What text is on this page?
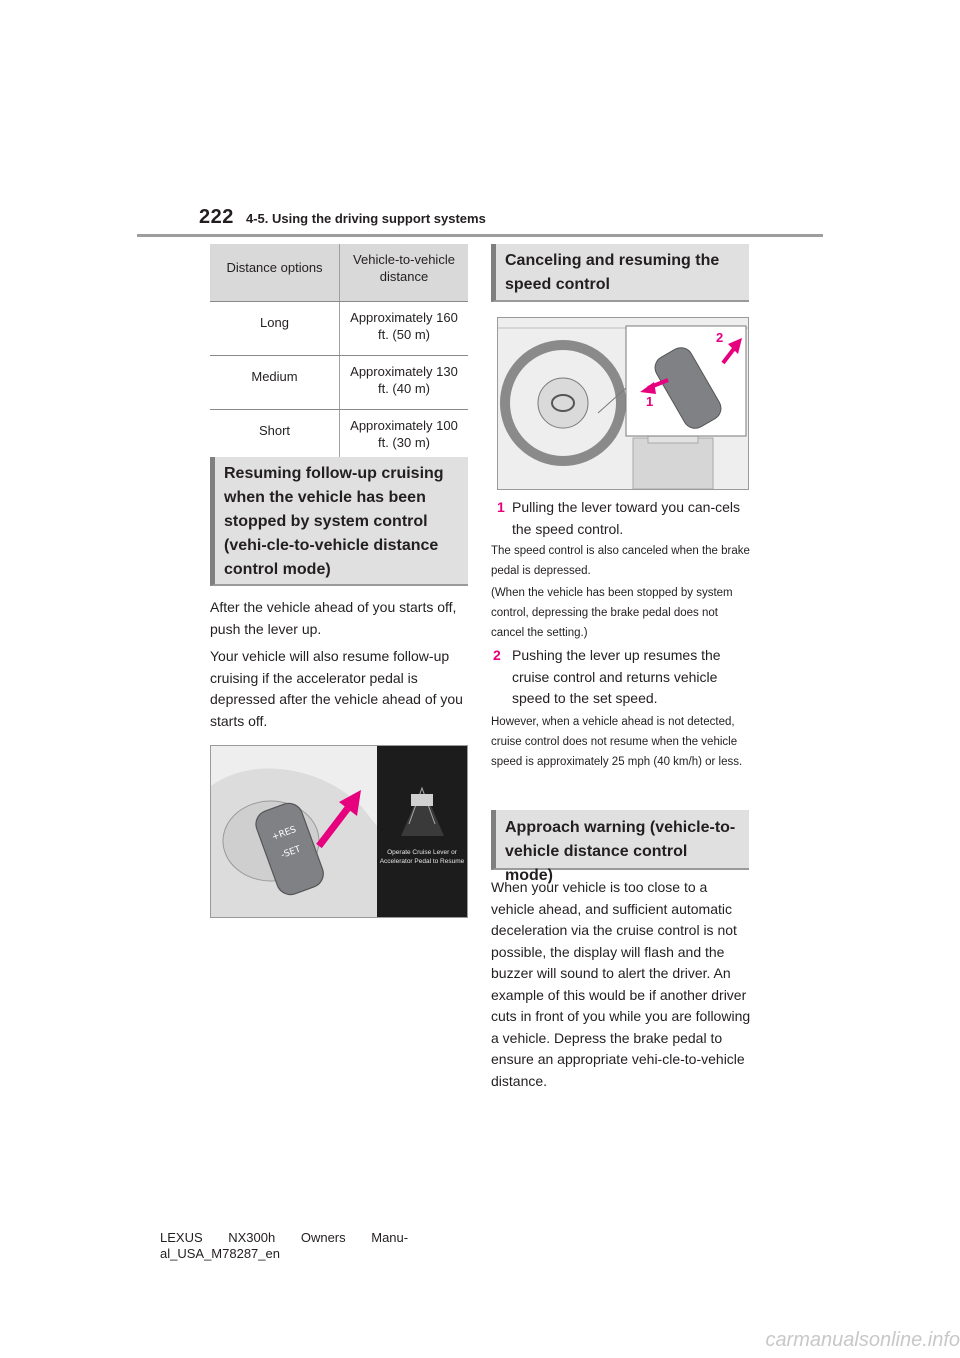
222 4-5. Using the driving support systems
Distance options	Vehicle-to-vehicle distance
Long	Approximately 160 ft. (50 m)
Medium	Approximately 130 ft. (40 m)
Short	Approximately 100 ft. (30 m)
Resuming follow-up cruising when the vehicle has been stopped by system control (vehi-cle-to-vehicle distance control mode)
After the vehicle ahead of you starts off, push the lever up.
Your vehicle will also resume follow-up cruising if the accelerator pedal is depressed after the vehicle ahead of you starts off.
+RES
-SET	Operate Cruise Lever or Accelerator Pedal to Resume
Canceling and resuming the speed control
1
2
1 Pulling the lever toward you can-cels the speed control.
The speed control is also canceled when the brake pedal is depressed.
(When the vehicle has been stopped by system control, depressing the brake pedal does not cancel the setting.)
2 Pushing the lever up resumes the cruise control and returns vehicle speed to the set speed.
However, when a vehicle ahead is not detected, cruise control does not resume when the vehicle speed is approximately 25 mph (40 km/h) or less.
Approach warning (vehicle-to-vehicle distance control mode)
When your vehicle is too close to a vehicle ahead, and sufficient automatic deceleration via the cruise control is not possible, the display will flash and the buzzer will sound to alert the driver. An example of this would be if another driver cuts in front of you while you are following a vehicle. Depress the brake pedal to ensure an appropriate vehi-cle-to-vehicle distance.
LEXUS NX300h Owners Manu-
al_USA_M78287_en
carmanualsonline.info
